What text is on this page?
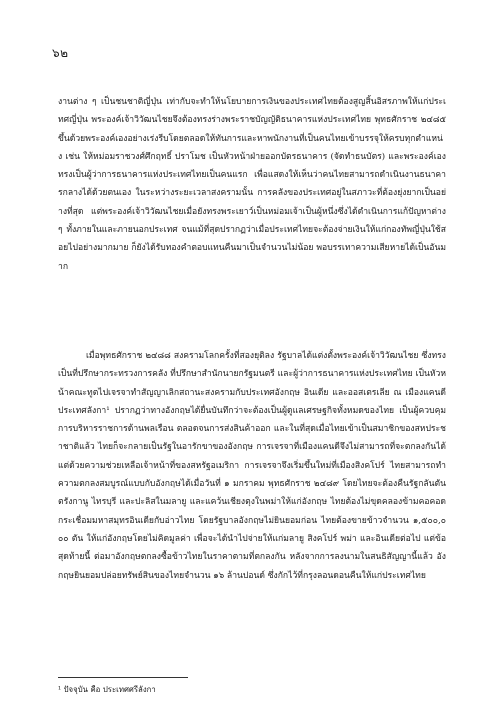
๖๒

งานต่าง ๆ เป็นชนชาติญี่ปุ่น เท่ากับจะทำให้นโยบายการเงินของประเทศไทยต้องสูญสิ้นอิสรภาพให้แก่ประเทศญี่ปุ่น พระองค์เจ้าวิวัฒนไชยจึงต้องทรงร่างพระราชบัญญัติธนาคารแห่งประเทศไทย พุทธศักราช ๒๔๘๕ ขึ้นด้วยพระองค์เองอย่างเร่งรีบโดยตลอดให้ทันการและหาพนักงานที่เป็นคนไทยเข้าบรรจุให้ครบทุกตำแหน่ง เช่น ให้หม่อมราชวงศ์ศึกฤทธิ์ ปราโมช เป็นหัวหน้าฝ่ายออกบัตรธนาคาร (จัดทำธนบัตร) และพระองค์เองทรงเป็นผู้ว่าการธนาคารแห่งประเทศไทยเป็นคนแรก เพื่อแสดงให้เห็นว่าคนไทยสามารถดำเนินงานธนาคารกลางได้ด้วยตนเอง ในระหว่างระยะเวลาสงครามนั้น การคลังของประเทศอยู่ในสภาวะที่ต้องยุ่งยากเป็นอย่างที่สุด แต่พระองค์เจ้าวิวัฒนไชยเมื่อยังทรงพระเยาว์เป็นหม่อมเจ้าเป็นผู้หนึ่งซึ่งได้ดำเนินการแก้ปัญหาต่าง ๆ ทั้งภายในและภายนอกประเทศ จนแม้ที่สุดปรากฏว่าเมื่อประเทศไทยจะต้องจ่ายเงินให้แก่กองทัพญี่ปุ่นใช้สอยไปอย่างมากมาย ก็ยังได้รับทองคำตอบแทนคืนมาเป็นจำนวนไม่น้อย พอบรรเทาความเสียหายได้เป็นอันมาก

เมื่อพุทธศักราช ๒๔๘๘ สงครามโลกครั้งที่สองยุติลง รัฐบาลได้แต่งตั้งพระองค์เจ้าวิวัฒนไชย ซึ่งทรงเป็นที่ปรึกษากระทรวงการคลัง ที่ปรึกษาสำนักนายกรัฐมนตรี และผู้ว่าการธนาคารแห่งประเทศไทย เป็นหัวหน้าคณะทูตไปเจรจาทำสัญญาเลิกสถานะสงครามกับประเทศอังกฤษ อินเดีย และออสเตรเลีย ณ เมืองแคนดี ประเทศลังกา¹ ปรากฏว่าทางอังกฤษได้ยื่นบันทึกว่าจะต้องเป็นผู้ดูแลเศรษฐกิจทั้งหมดของไทย เป็นผู้ควบคุมการบริหารราชการด้านพลเรือน ตลอดจนการส่งสินค้าออก และในที่สุดเมื่อไทยเข้าเป็นสมาชิกของสหประชาชาติแล้ว ไทยก็จะกลายเป็นรัฐในอารักขาของอังกฤษ การเจรจาที่เมืองแคนดีจึงไม่สามารถที่จะตกลงกันได้ แต่ด้วยความช่วยเหลือเจ้าหน้าที่ของสหรัฐอเมริกา การเจรจาจึงเริ่มขึ้นใหม่ที่เมืองสิงคโปร์ ไทยสามารถทำความตกลงสมบูรณ์แบบกับอังกฤษได้เมื่อวันที่ ๑ มกราคม พุทธศักราช ๒๔๘๙ โดยไทยจะต้องคืนรัฐกลันตัน ตรังกานู ไทรบุรี และปะลิสในมลายู และแคว้นเชียงตุงในพม่าให้แก่อังกฤษ ไทยต้องไม่ขุดคลองข้ามคอคอดกระเชื่อมมหาสมุทรอินเดียกับอ่าวไทย โดยรัฐบาลอังกฤษไม่ยินยอมก่อน ไทยต้องขายข้าวจำนวน ๑,๕๐๐,๐๐๐ ตัน ให้แก่อังกฤษโดยไม่คิดมูลค่า เพื่อจะได้นำไปจ่ายให้แก่มลายู สิงคโปร์ พม่า และอินเดียต่อไป แต่ข้อสุดท้ายนี้ ต่อมาอังกฤษตกลงซื้อข้าวไทยในราคาตามที่ตกลงกัน หลังจากการลงนามในสนธิสัญญานี้แล้ว อังกฤษยินยอมปล่อยทรัพย์สินของไทยจำนวน ๑๖ ล้านปอนด์ ซึ่งกักไว้ที่กรุงลอนดอนคืนให้แก่ประเทศไทย

¹ ปัจจุบัน คือ ประเทศศรีลังกา
